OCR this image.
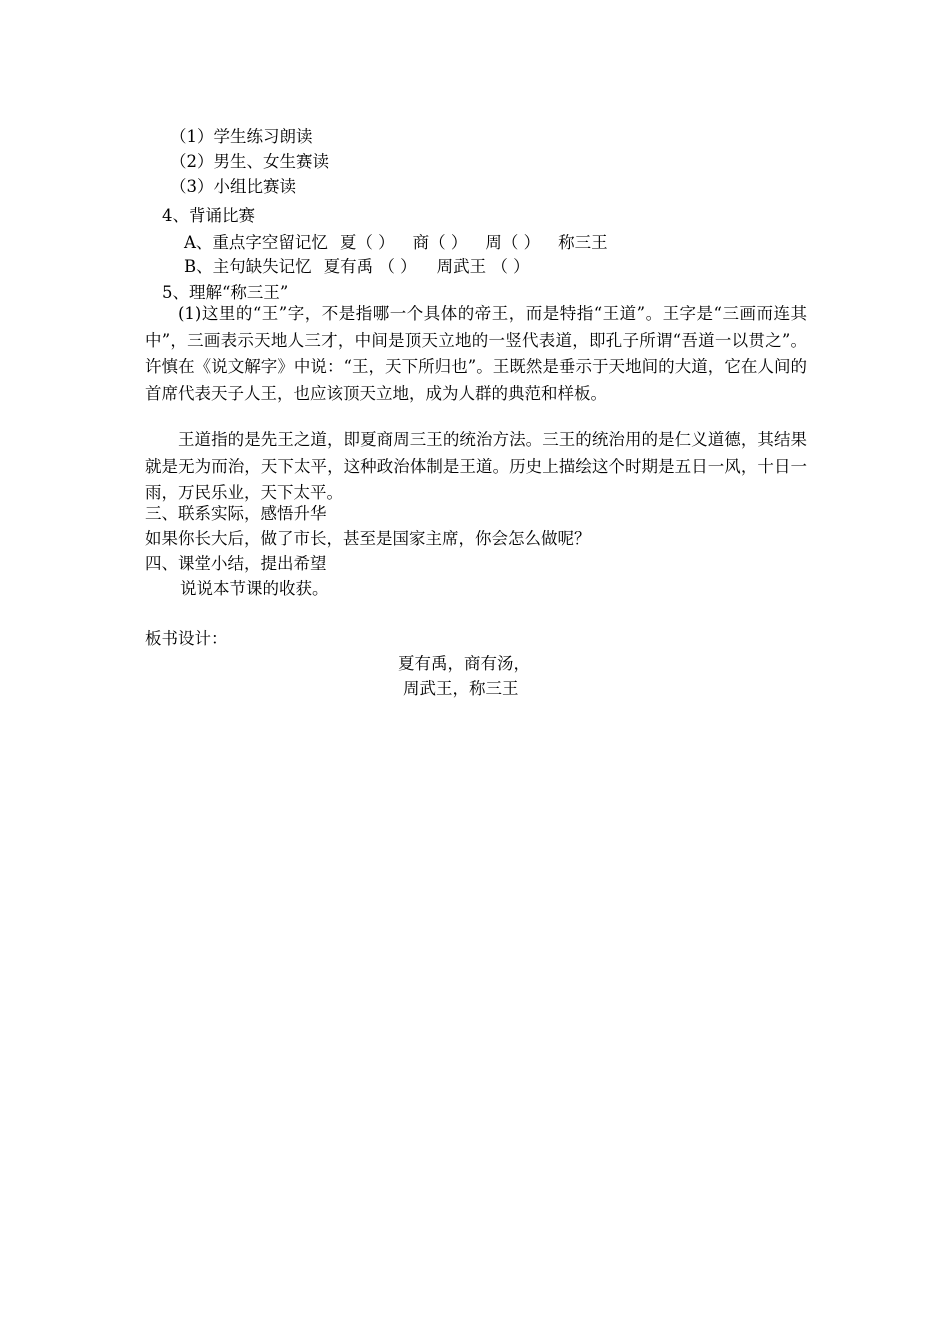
（1）学生练习朗读
（2）男生、女生赛读
（3）小组比赛读
4、背诵比赛
A、重点字空留记忆 夏（ ） 商（ ） 周（ ） 称三王
B、主句缺失记忆 夏有禹 （ ） 周武王 （ ）
5、理解“称三王”
(1)这里的“王”字，不是指哪一个具体的帝王，而是特指“王道”。王字是“三画而连其中”，三画表示天地人三才，中间是顶天立地的一竖代表道，即孔子所谓“吾道一以贯之”。许慎在《说文解字》中说：“王，天下所归也”。王既然是垂示于天地间的大道，它在人间的首席代表天子人王，也应该顶天立地，成为人群的典范和样板。
王道指的是先王之道，即夏商周三王的统治方法。三王的统治用的是仁义道德，其结果就是无为而治，天下太平，这种政治体制是王道。历史上描绘这个时期是五日一风，十日一雨，万民乐业，天下太平。
三、联系实际，感悟升华
如果你长大后，做了市长，甚至是国家主席，你会怎么做呢？
四、课堂小结，提出希望
说说本节课的收获。
板书设计：
夏有禹，商有汤，
周武王，称三王
